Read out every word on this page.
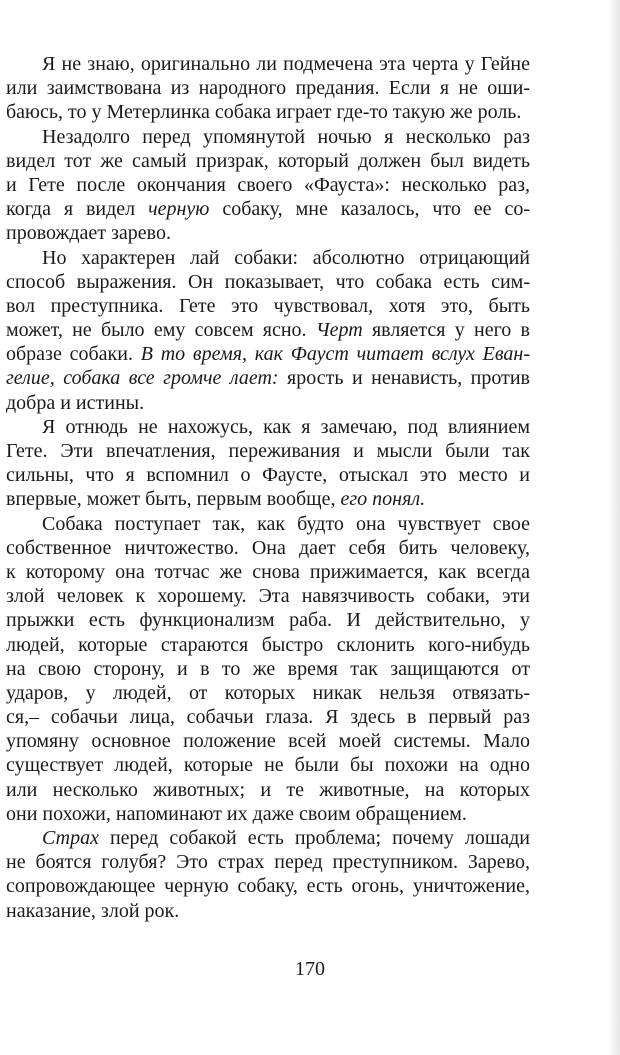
Я не знаю, оригинально ли подмечена эта черта у Гейне
или заимствована из народного предания. Если я не оши-
баюсь, то у Метерлинка собака играет где-то такую же роль.
Незадолго перед упомянутой ночью я несколько раз
видел тот же самый призрак, который должен был видеть
и Гете после окончания своего «Фауста»: несколько раз,
когда я видел черную собаку, мне казалось, что ее со-
провождает зарево.
Но характерен лай собаки: абсолютно отрицающий
способ выражения. Он показывает, что собака есть сим-
вол преступника. Гете это чувствовал, хотя это, быть
может, не было ему совсем ясно. Черт является у него в
образе собаки. В то время, как Фауст читает вслух Еван-
гелие, собака все громче лает: ярость и ненависть, против
добра и истины.
Я отнюдь не нахожусь, как я замечаю, под влиянием
Гете. Эти впечатления, переживания и мысли были так
сильны, что я вспомнил о Фаусте, отыскал это место и
впервые, может быть, первым вообще, его понял.
Собака поступает так, как будто она чувствует свое
собственное ничтожество. Она дает себя бить человеку,
к которому она тотчас же снова прижимается, как всегда
злой человек к хорошему. Эта навязчивость собаки, эти
прыжки есть функционализм раба. И действительно, у
людей, которые стараются быстро склонить кого-нибудь
на свою сторону, и в то же время так защищаются от
ударов, у людей, от которых никак нельзя отвязать-
ся,– собачьи лица, собачьи глаза. Я здесь в первый раз
упомяну основное положение всей моей системы. Мало
существует людей, которые не были бы похожи на одно
или несколько животных; и те животные, на которых
они похожи, напоминают их даже своим обращением.
Страх перед собакой есть проблема; почему лошади
не боятся голубя? Это страх перед преступником. Зарево,
сопровождающее черную собаку, есть огонь, уничтожение,
наказание, злой рок.
170
